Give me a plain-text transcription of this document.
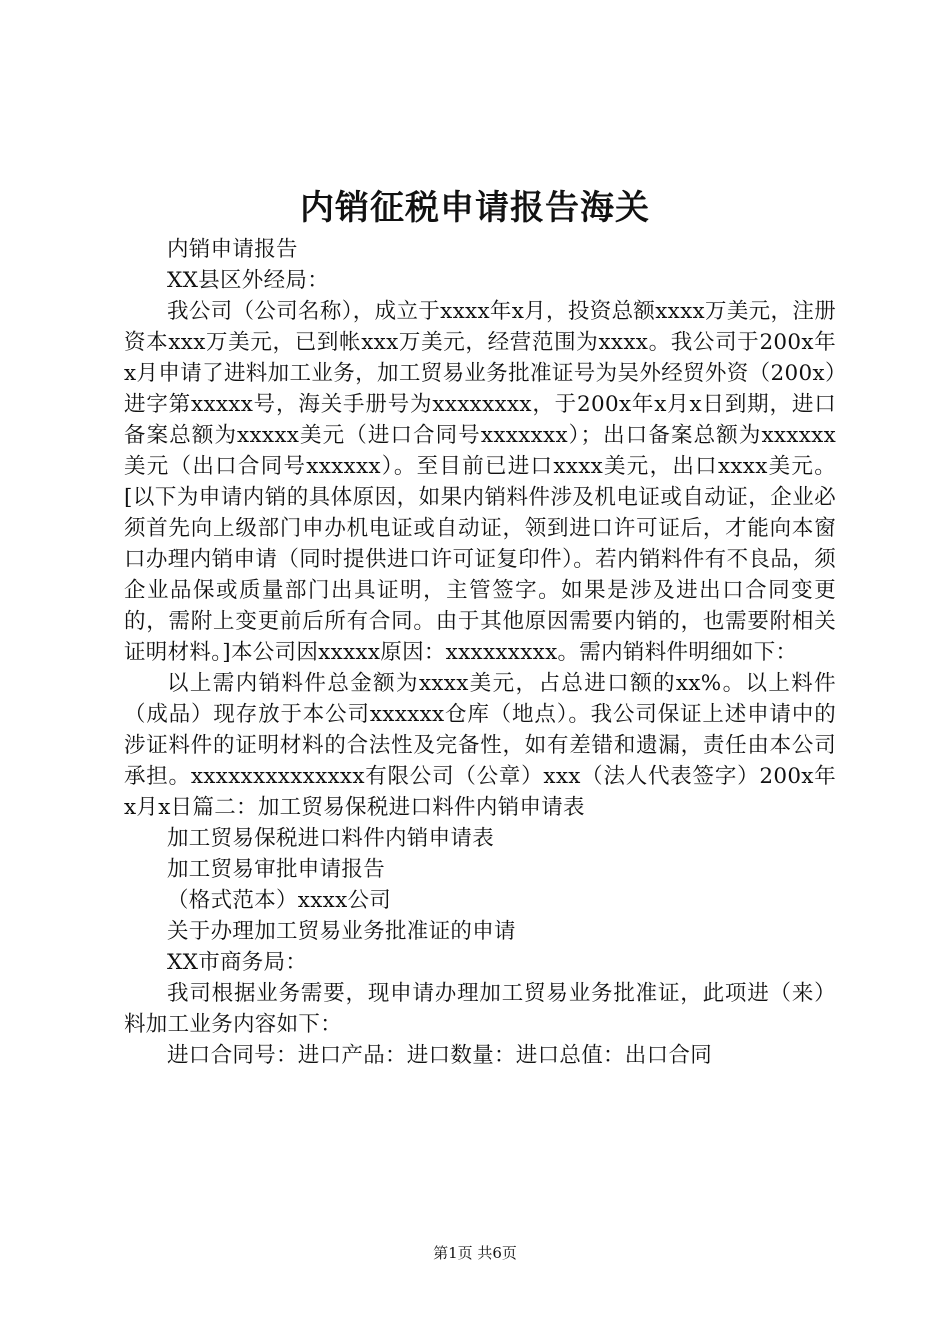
内销征税申请报告海关

内销申请报告

XX县区外经局：

我公司（公司名称），成立于xxxx年x月，投资总额xxxx万美元，注册资本xxx万美元，已到帐xxx万美元，经营范围为xxxx。我公司于200x年x月申请了进料加工业务，加工贸易业务批准证号为吴外经贸外资（200x）进字第xxxxx号，海关手册号为xxxxxxxx，于200x年x月x日到期，进口备案总额为xxxxx美元（进口合同号xxxxxxx）；出口备案总额为xxxxxx美元（出口合同号xxxxxx）。至目前已进口xxxx美元，出口xxxx美元。[以下为申请内销的具体原因，如果内销料件涉及机电证或自动证，企业必须首先向上级部门申办机电证或自动证，领到进口许可证后，才能向本窗口办理内销申请（同时提供进口许可证复印件）。若内销料件有不良品，须企业品保或质量部门出具证明，主管签字。如果是涉及进出口合同变更的，需附上变更前后所有合同。由于其他原因需要内销的，也需要附相关证明材料。]本公司因xxxxx原因：xxxxxxxxx。需内销料件明细如下：

以上需内销料件总金额为xxxx美元，占总进口额的xx%。以上料件（成品）现存放于本公司xxxxxx仓库（地点）。我公司保证上述申请中的涉证料件的证明材料的合法性及完备性，如有差错和遗漏，责任由本公司承担。xxxxxxxxxxxxxx有限公司（公章）xxx（法人代表签字）200x年x月x日篇二：加工贸易保税进口料件内销申请表

加工贸易保税进口料件内销申请表

加工贸易审批申请报告

（格式范本）xxxx公司

关于办理加工贸易业务批准证的申请

XX市商务局：

我司根据业务需要，现申请办理加工贸易业务批准证，此项进（来）料加工业务内容如下：

进口合同号：进口产品：进口数量：进口总值：出口合同

第1页 共6页
